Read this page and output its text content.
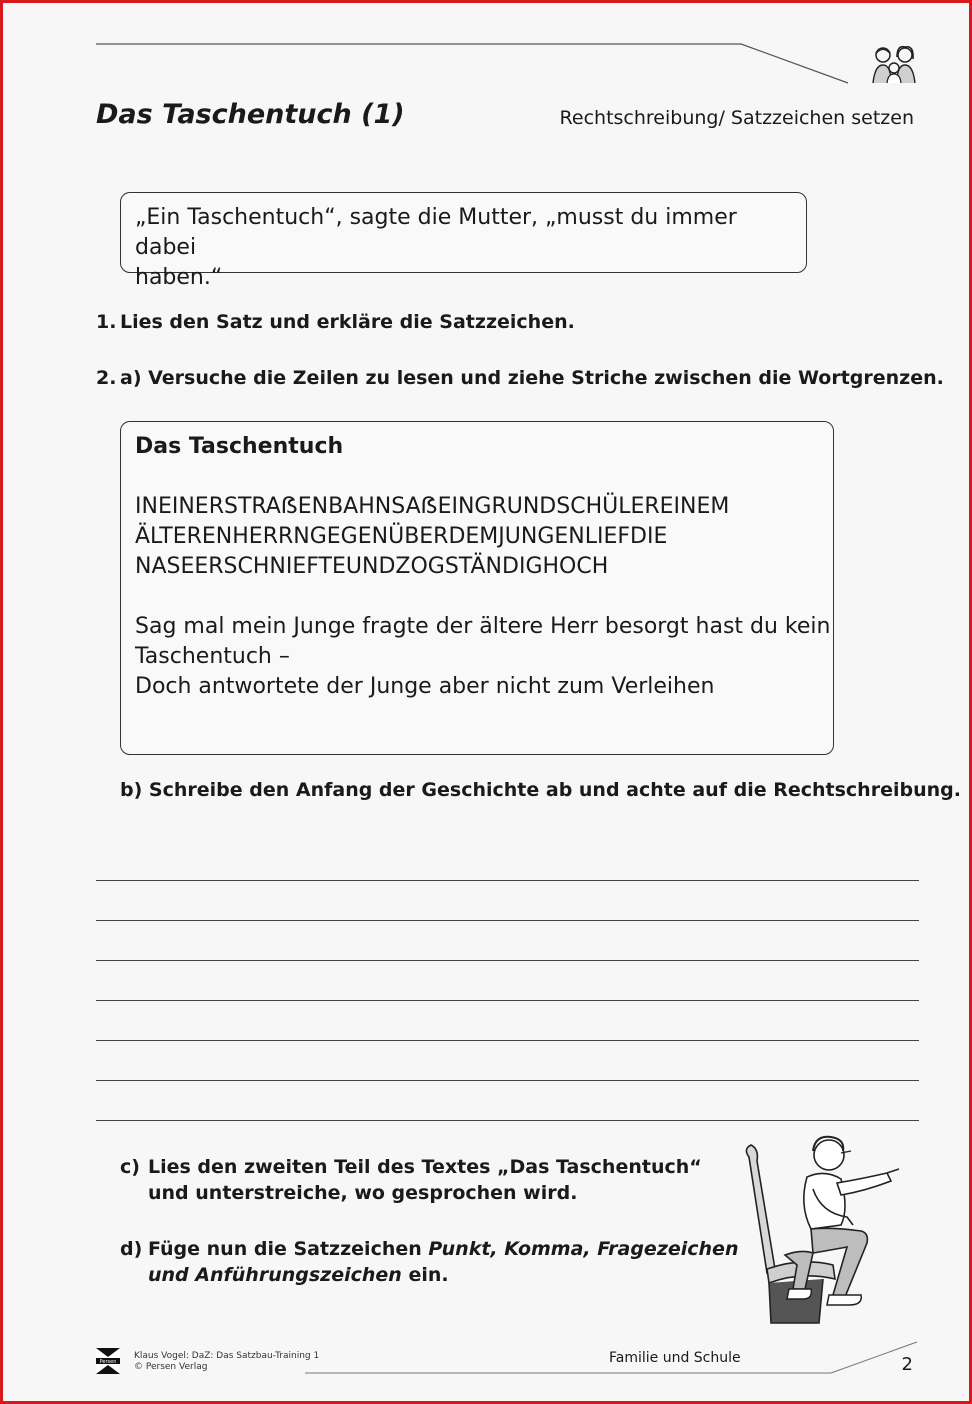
Das Taschentuch (1)	Rechtschreibung/ Satzzeichen setzen
„Ein Taschentuch“, sagte die Mutter, „musst du immer dabei
haben.“
1. Lies den Satz und erkläre die Satzzeichen.
2. a) Versuche die Zeilen zu lesen und ziehe Striche zwischen die Wortgrenzen.
Das Taschentuch
INEINERSTRAẞENBAHNSAẞEINGRUNDSCHÜLEREINEM
ÄLTERENHERRNGEGENÜBERDEMJUNGENLIEFDIE
NASEERSCHNIEFTEUNDZOGSTÄNDIGHOCH
Sag mal mein Junge fragte der ältere Herr besorgt hast du kein
Taschentuch –
Doch antwortete der Junge aber nicht zum Verleihen
b) Schreibe den Anfang der Geschichte ab und achte auf die Rechtschreibung.
c) Lies den zweiten Teil des Textes „Das Taschentuch“
und unterstreiche, wo gesprochen wird.
d) Füge nun die Satzzeichen Punkt, Komma, Fragezeichen
und Anführungszeichen ein.
Persen
Klaus Vogel: DaZ: Das Satzbau-Training 1
© Persen Verlag
Familie und Schule	2
